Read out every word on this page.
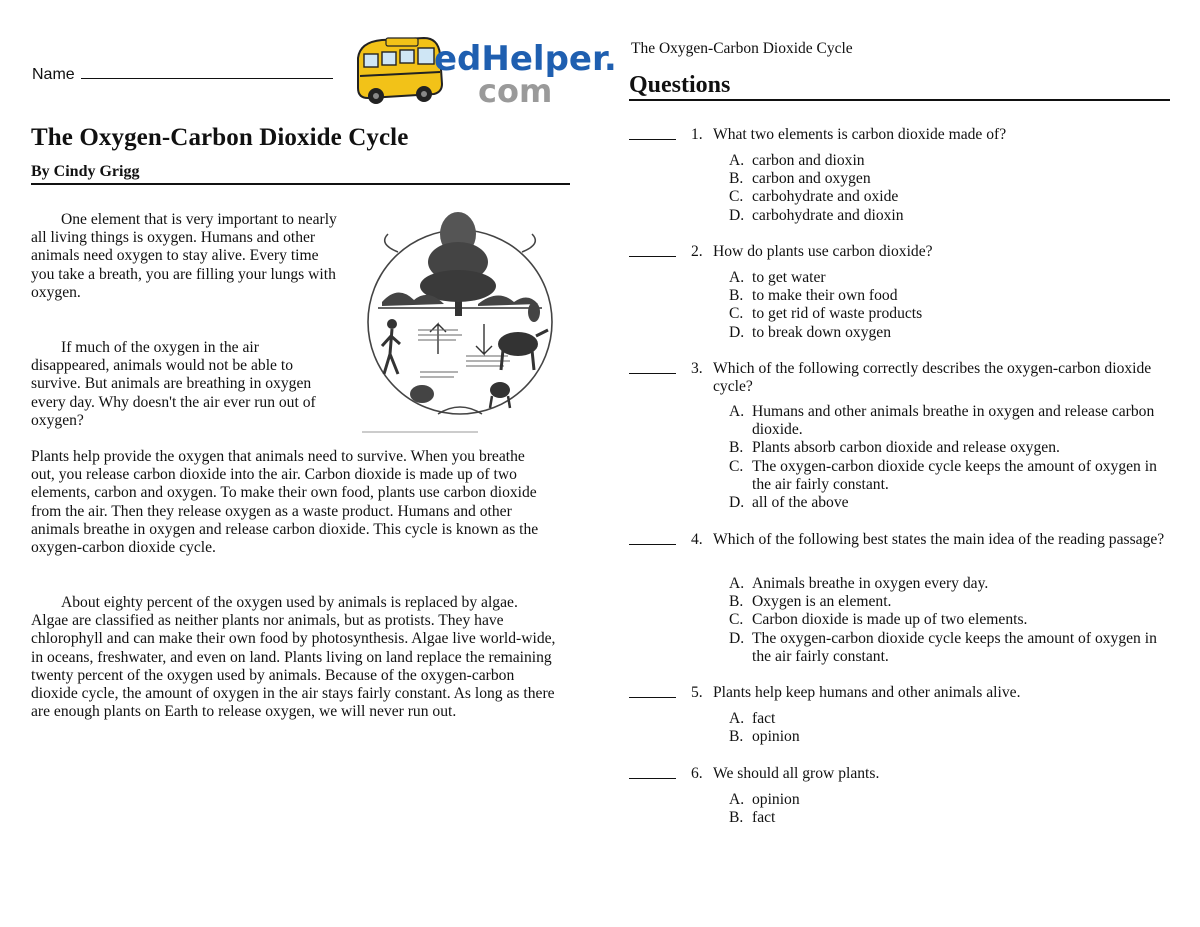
Name	edHelper.
com
The Oxygen-Carbon Dioxide Cycle
By Cindy Grigg

One element that is very important to nearly all living things is oxygen. Humans and other animals need oxygen to stay alive. Every time you take a breath, you are filling your lungs with oxygen.

If much of the oxygen in the air disappeared, animals would not be able to survive. But animals are breathing in oxygen every day. Why doesn't the air ever run out of oxygen?

Plants help provide the oxygen that animals need to survive. When you breathe out, you release carbon dioxide into the air. Carbon dioxide is made up of two elements, carbon and oxygen. To make their own food, plants use carbon dioxide from the air. Then they release oxygen as a waste product. Humans and other animals breathe in oxygen and release carbon dioxide. This cycle is known as the oxygen-carbon dioxide cycle.

About eighty percent of the oxygen used by animals is replaced by algae. Algae are classified as neither plants nor animals, but as protists. They have chlorophyll and can make their own food by photosynthesis. Algae live world-wide, in oceans, freshwater, and even on land. Plants living on land replace the remaining twenty percent of the oxygen used by animals. Because of the oxygen-carbon dioxide cycle, the amount of oxygen in the air stays fairly constant. As long as there are enough plants on Earth to release oxygen, we will never run out.

The Oxygen-Carbon Dioxide Cycle
Questions
1. What two elements is carbon dioxide made of?
A. carbon and dioxin
B. carbon and oxygen
C. carbohydrate and oxide
D. carbohydrate and dioxin
2. How do plants use carbon dioxide?
A. to get water
B. to make their own food
C. to get rid of waste products
D. to break down oxygen
3. Which of the following correctly describes the oxygen-carbon dioxide cycle?
A. Humans and other animals breathe in oxygen and release carbon dioxide.
B. Plants absorb carbon dioxide and release oxygen.
C. The oxygen-carbon dioxide cycle keeps the amount of oxygen in the air fairly constant.
D. all of the above
4. Which of the following best states the main idea of the reading passage?
A. Animals breathe in oxygen every day.
B. Oxygen is an element.
C. Carbon dioxide is made up of two elements.
D. The oxygen-carbon dioxide cycle keeps the amount of oxygen in the air fairly constant.
5. Plants help keep humans and other animals alive.
A. fact
B. opinion
6. We should all grow plants.
A. opinion
B. fact
